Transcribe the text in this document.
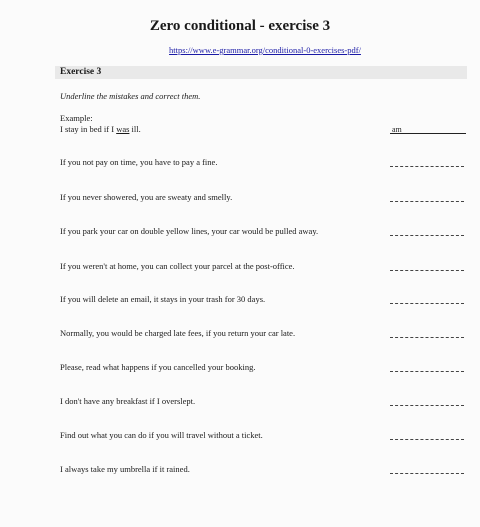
Zero conditional - exercise 3
https://www.e-grammar.org/conditional-0-exercises-pdf/
Exercise 3
Underline the mistakes and correct them.
Example:
I stay in bed if I was ill.	am
If you not pay on time, you have to pay a fine.
If you never showered, you are sweaty and smelly.
If you park your car on double yellow lines, your car would be pulled away.
If you weren't at home, you can collect your parcel at the post-office.
If you will delete an email, it stays in your trash for 30 days.
Normally, you would be charged late fees, if you return your car late.
Please, read what happens if you cancelled your booking.
I don't have any breakfast if I overslept.
Find out what you can do if you will travel without a ticket.
I always take my umbrella if it rained.
